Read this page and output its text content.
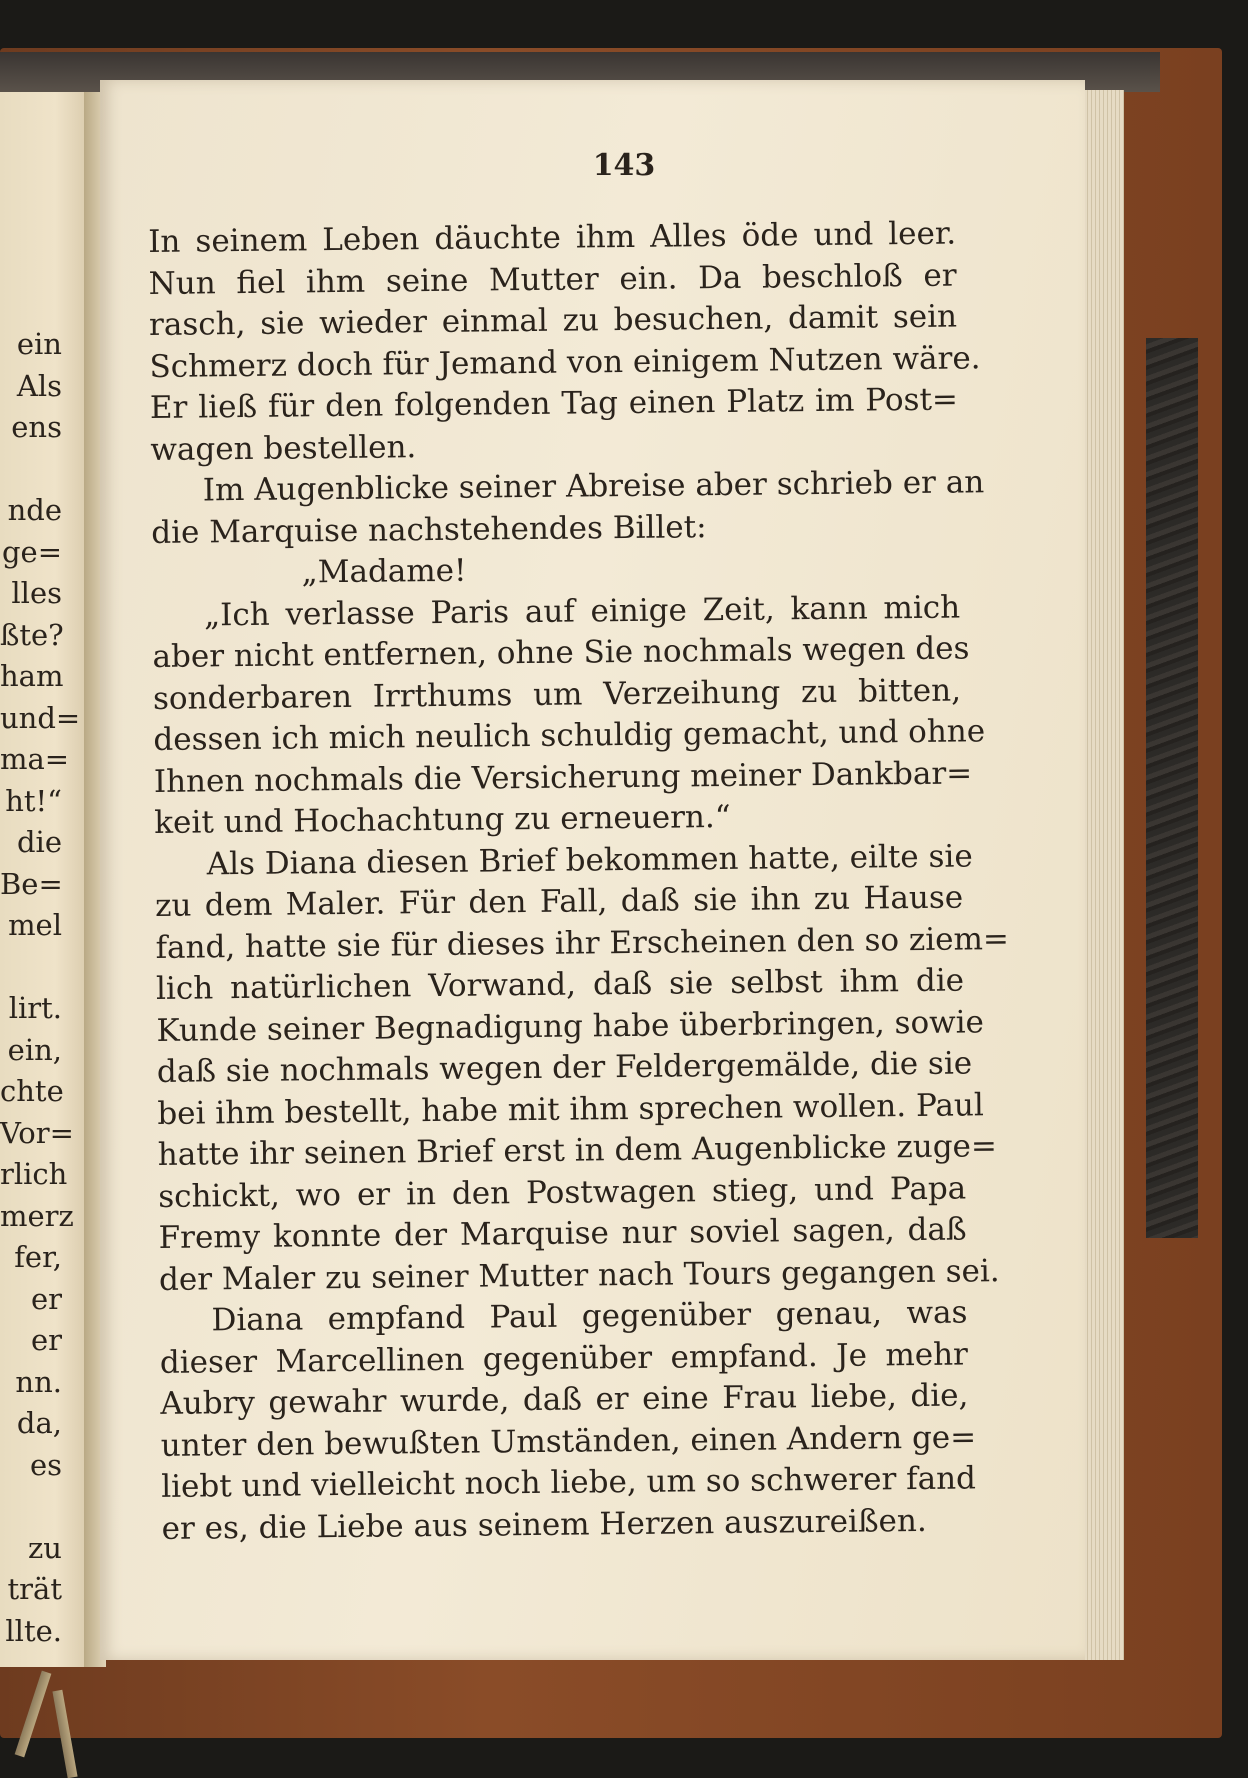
ein
Als
ens

nde
ge=
lles
ßte?
ham
und=
ma=
ht!“
die
Be=
mel

lirt.
ein,
chte
Vor=
rlich
merz
fer,
er
er
nn.
da,
es

zu
trät
llte.
143
In seinem Leben däuchte ihm Alles öde und leer.
Nun fiel ihm seine Mutter ein. Da beschloß er
rasch, sie wieder einmal zu besuchen, damit sein
Schmerz doch für Jemand von einigem Nutzen wäre.
Er ließ für den folgenden Tag einen Platz im Post=
wagen bestellen.
Im Augenblicke seiner Abreise aber schrieb er an
die Marquise nachstehendes Billet:
„Madame!
„Ich verlasse Paris auf einige Zeit, kann mich
aber nicht entfernen, ohne Sie nochmals wegen des
sonderbaren Irrthums um Verzeihung zu bitten,
dessen ich mich neulich schuldig gemacht, und ohne
Ihnen nochmals die Versicherung meiner Dankbar=
keit und Hochachtung zu erneuern.“
Als Diana diesen Brief bekommen hatte, eilte sie
zu dem Maler. Für den Fall, daß sie ihn zu Hause
fand, hatte sie für dieses ihr Erscheinen den so ziem=
lich natürlichen Vorwand, daß sie selbst ihm die
Kunde seiner Begnadigung habe überbringen, sowie
daß sie nochmals wegen der Feldergemälde, die sie
bei ihm bestellt, habe mit ihm sprechen wollen. Paul
hatte ihr seinen Brief erst in dem Augenblicke zuge=
schickt, wo er in den Postwagen stieg, und Papa
Fremy konnte der Marquise nur soviel sagen, daß
der Maler zu seiner Mutter nach Tours gegangen sei.
Diana empfand Paul gegenüber genau, was
dieser Marcellinen gegenüber empfand. Je mehr
Aubry gewahr wurde, daß er eine Frau liebe, die,
unter den bewußten Umständen, einen Andern ge=
liebt und vielleicht noch liebe, um so schwerer fand
er es, die Liebe aus seinem Herzen auszureißen.
